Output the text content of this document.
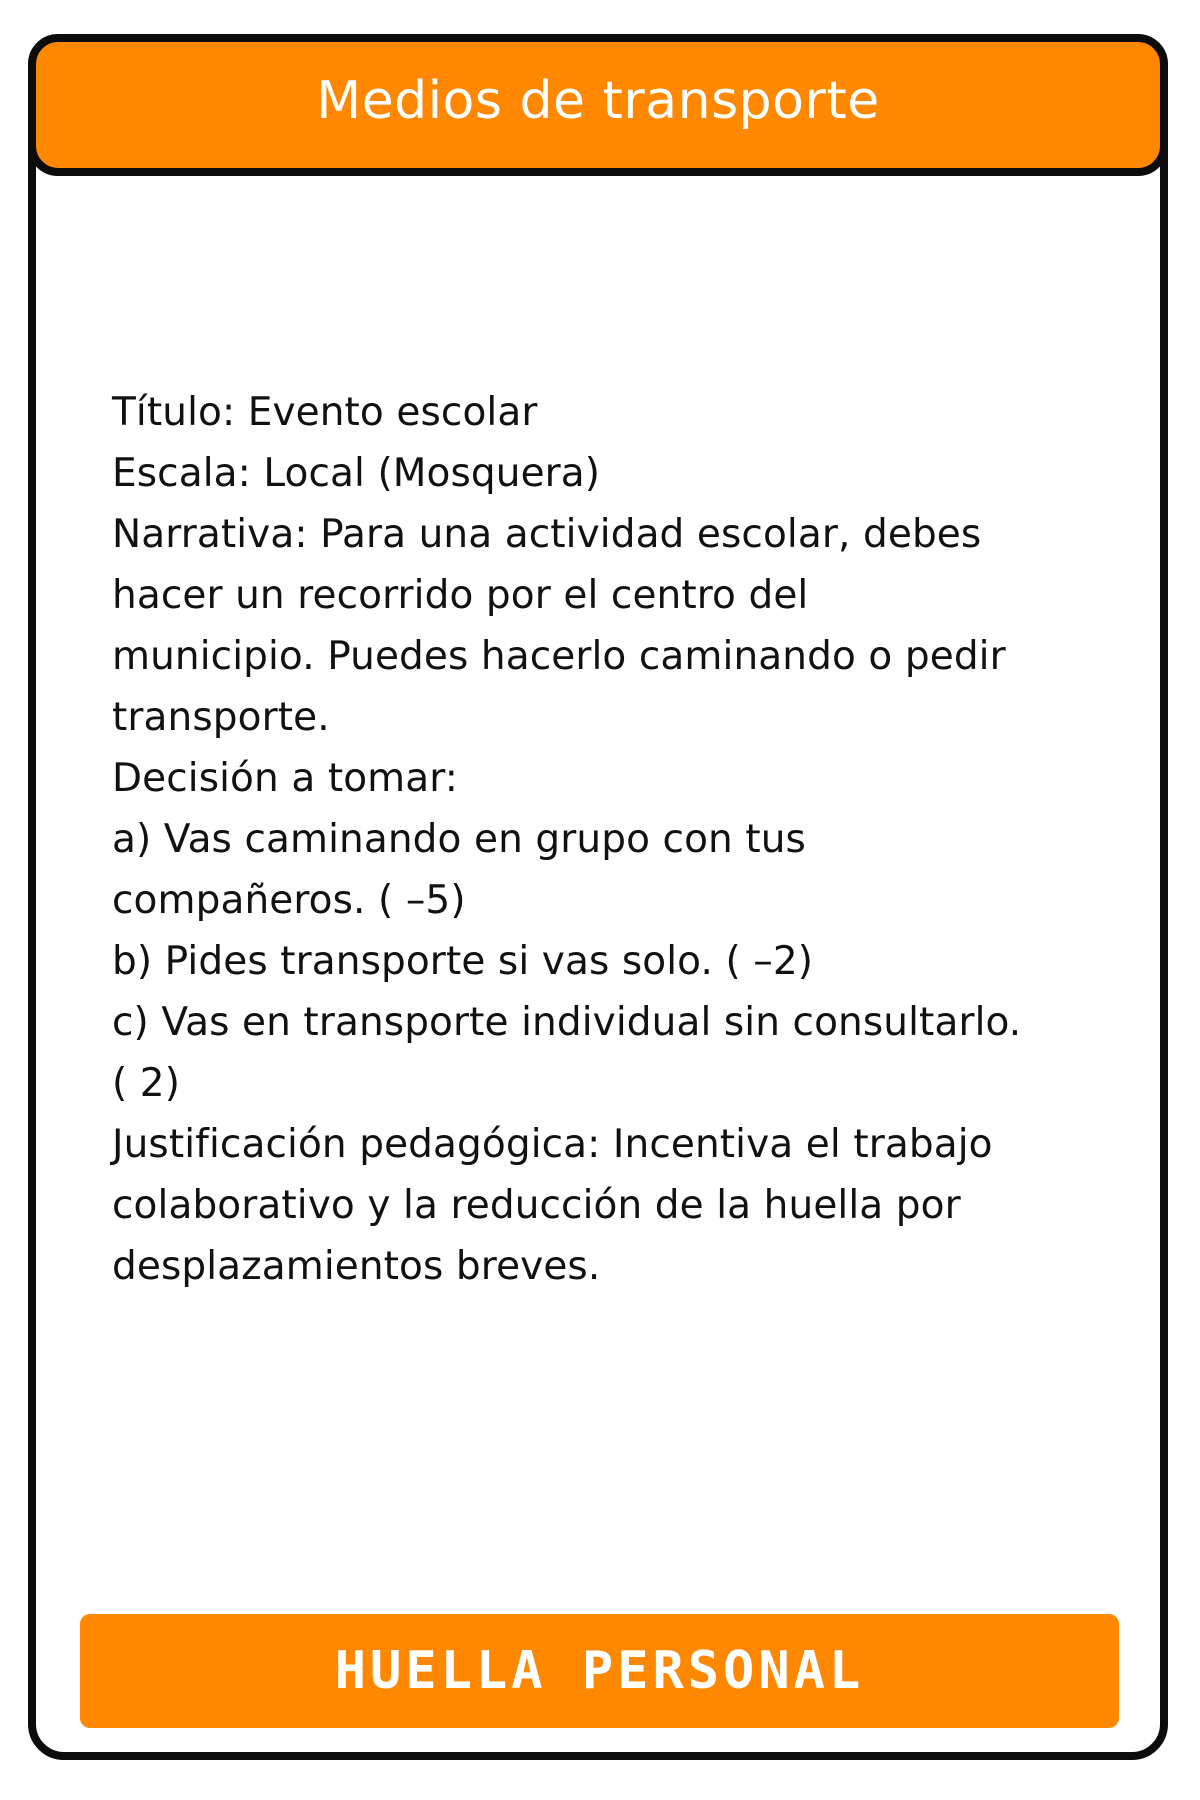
Medios de transporte
Título: Evento escolar
Escala: Local (Mosquera)
Narrativa: Para una actividad escolar, debes
hacer un recorrido por el centro del
municipio. Puedes hacerlo caminando o pedir
transporte.
Decisión a tomar:
a) Vas caminando en grupo con tus
compañeros. ( –5)
b) Pides transporte si vas solo. ( –2)
c) Vas en transporte individual sin consultarlo.
( 2)
Justificación pedagógica: Incentiva el trabajo
colaborativo y la reducción de la huella por
desplazamientos breves.
HUELLA PERSONAL
